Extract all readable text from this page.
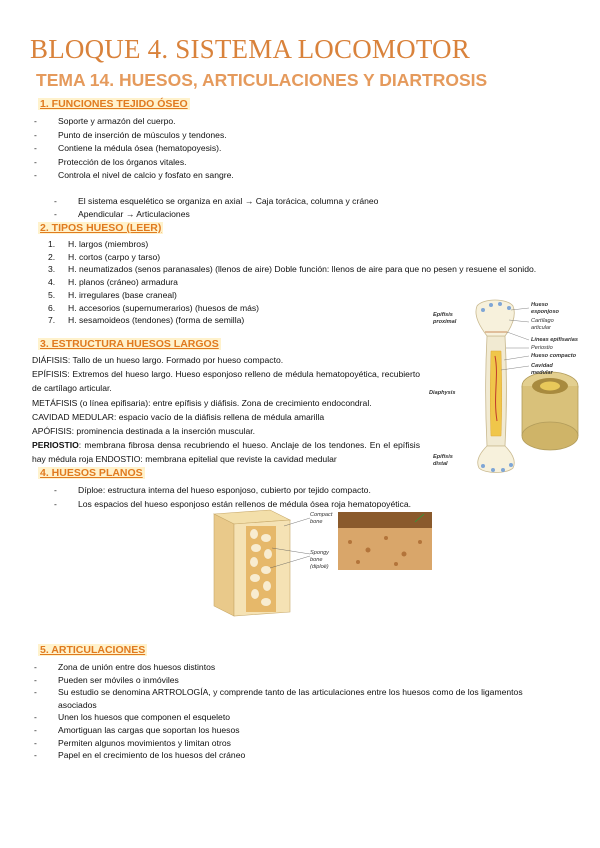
BLOQUE 4. SISTEMA LOCOMOTOR
TEMA 14. HUESOS, ARTICULACIONES Y DIARTROSIS
1. FUNCIONES TEJIDO ÓSEO
- Soporte y armazón del cuerpo.
- Punto de inserción de músculos y tendones.
- Contiene la médula ósea (hematopoyesis).
- Protección de los órganos vitales.
- Controla el nivel de calcio y fosfato en sangre.
- El sistema esquelético se organiza en axial → Caja torácica, columna y cráneo
- Apendicular → Articulaciones
2. TIPOS HUESO (LEER)
1. H. largos (miembros)
2. H. cortos (carpo y tarso)
3. H. neumatizados (senos paranasales) (llenos de aire) Doble función: llenos de aire para que no pesen y resuene el sonido.
4. H. planos (cráneo) armadura
5. H. irregulares (base craneal)
6. H. accesorios (supernumerarios) (huesos de más)
7. H. sesamoideos (tendones) (forma de semilla)
3. ESTRUCTURA HUESOS LARGOS

DIÁFISIS: Tallo de un hueso largo. Formado por hueso compacto.

EPÍFISIS: Extremos del hueso largo. Hueso esponjoso relleno de médula hematopoyética, recubierto de cartílago articular.

METÁFISIS (o línea epifisaria): entre epífisis y diáfisis. Zona de crecimiento endocondral.

CAVIDAD MEDULAR: espacio vacío de la diáfisis rellena de médula amarilla

APÓFISIS: prominencia destinada a la inserción muscular.

PERIOSTIO: membrana fibrosa densa recubriendo el hueso. Anclaje de los tendones. En el epífisis hay médula roja ENDOSTIO: membrana epitelial que reviste la cavidad medular

Epífisis proximal
Diaphysis
Epífisis distal
Hueso esponjoso
Cartílago articular
Líneas epifisarias
Periostio
Hueso compacto
Cavidad medular
4. HUESOS PLANOS
- Díploe: estructura interna del hueso esponjoso, cubierto por tejido compacto.
- Los espacios del hueso esponjoso están rellenos de médula ósea roja hematopoyética.
Compact bone
Spongy bone
(diploë)
5. ARTICULACIONES
- Zona de unión entre dos huesos distintos
- Pueden ser móviles o inmóviles
- Su estudio se denomina ARTROLOGÍA, y comprende tanto de las articulaciones entre los huesos como de los ligamentos asociados
- Unen los huesos que componen el esqueleto
- Amortiguan las cargas que soportan los huesos
- Permiten algunos movimientos y limitan otros
- Papel en el crecimiento de los huesos del cráneo
